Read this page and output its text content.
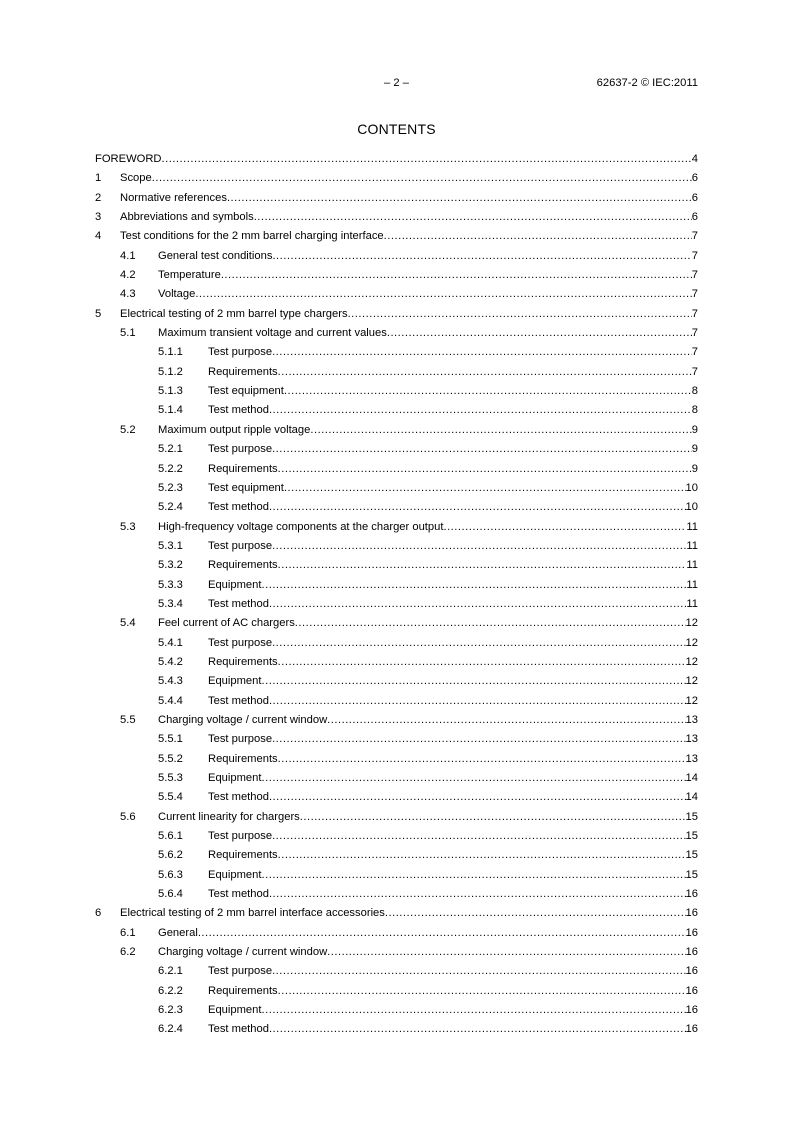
– 2 –	62637-2 © IEC:2011
CONTENTS
FOREWORD .....	4
1 Scope .....	6
2 Normative references .....	6
3 Abbreviations and symbols .....	6
4 Test conditions for the 2 mm barrel charging interface .....	7
4.1 General test conditions .....	7
4.2 Temperature .....	7
4.3 Voltage .....	7
5 Electrical testing of 2 mm barrel type chargers .....	7
5.1 Maximum transient voltage and current values .....	7
5.1.1 Test purpose .....	7
5.1.2 Requirements .....	7
5.1.3 Test equipment .....	8
5.1.4 Test method .....	8
5.2 Maximum output ripple voltage .....	9
5.2.1 Test purpose .....	9
5.2.2 Requirements .....	9
5.2.3 Test equipment .....	10
5.2.4 Test method .....	10
5.3 High-frequency voltage components at the charger output .....	11
5.3.1 Test purpose .....	11
5.3.2 Requirements .....	11
5.3.3 Equipment .....	11
5.3.4 Test method .....	11
5.4 Feel current of AC chargers .....	12
5.4.1 Test purpose .....	12
5.4.2 Requirements .....	12
5.4.3 Equipment .....	12
5.4.4 Test method .....	12
5.5 Charging voltage / current window .....	13
5.5.1 Test purpose .....	13
5.5.2 Requirements .....	13
5.5.3 Equipment .....	14
5.5.4 Test method .....	14
5.6 Current linearity for chargers .....	15
5.6.1 Test purpose .....	15
5.6.2 Requirements .....	15
5.6.3 Equipment .....	15
5.6.4 Test method .....	16
6 Electrical testing of 2 mm barrel interface accessories .....	16
6.1 General .....	16
6.2 Charging voltage / current window .....	16
6.2.1 Test purpose .....	16
6.2.2 Requirements .....	16
6.2.3 Equipment .....	16
6.2.4 Test method .....	16
